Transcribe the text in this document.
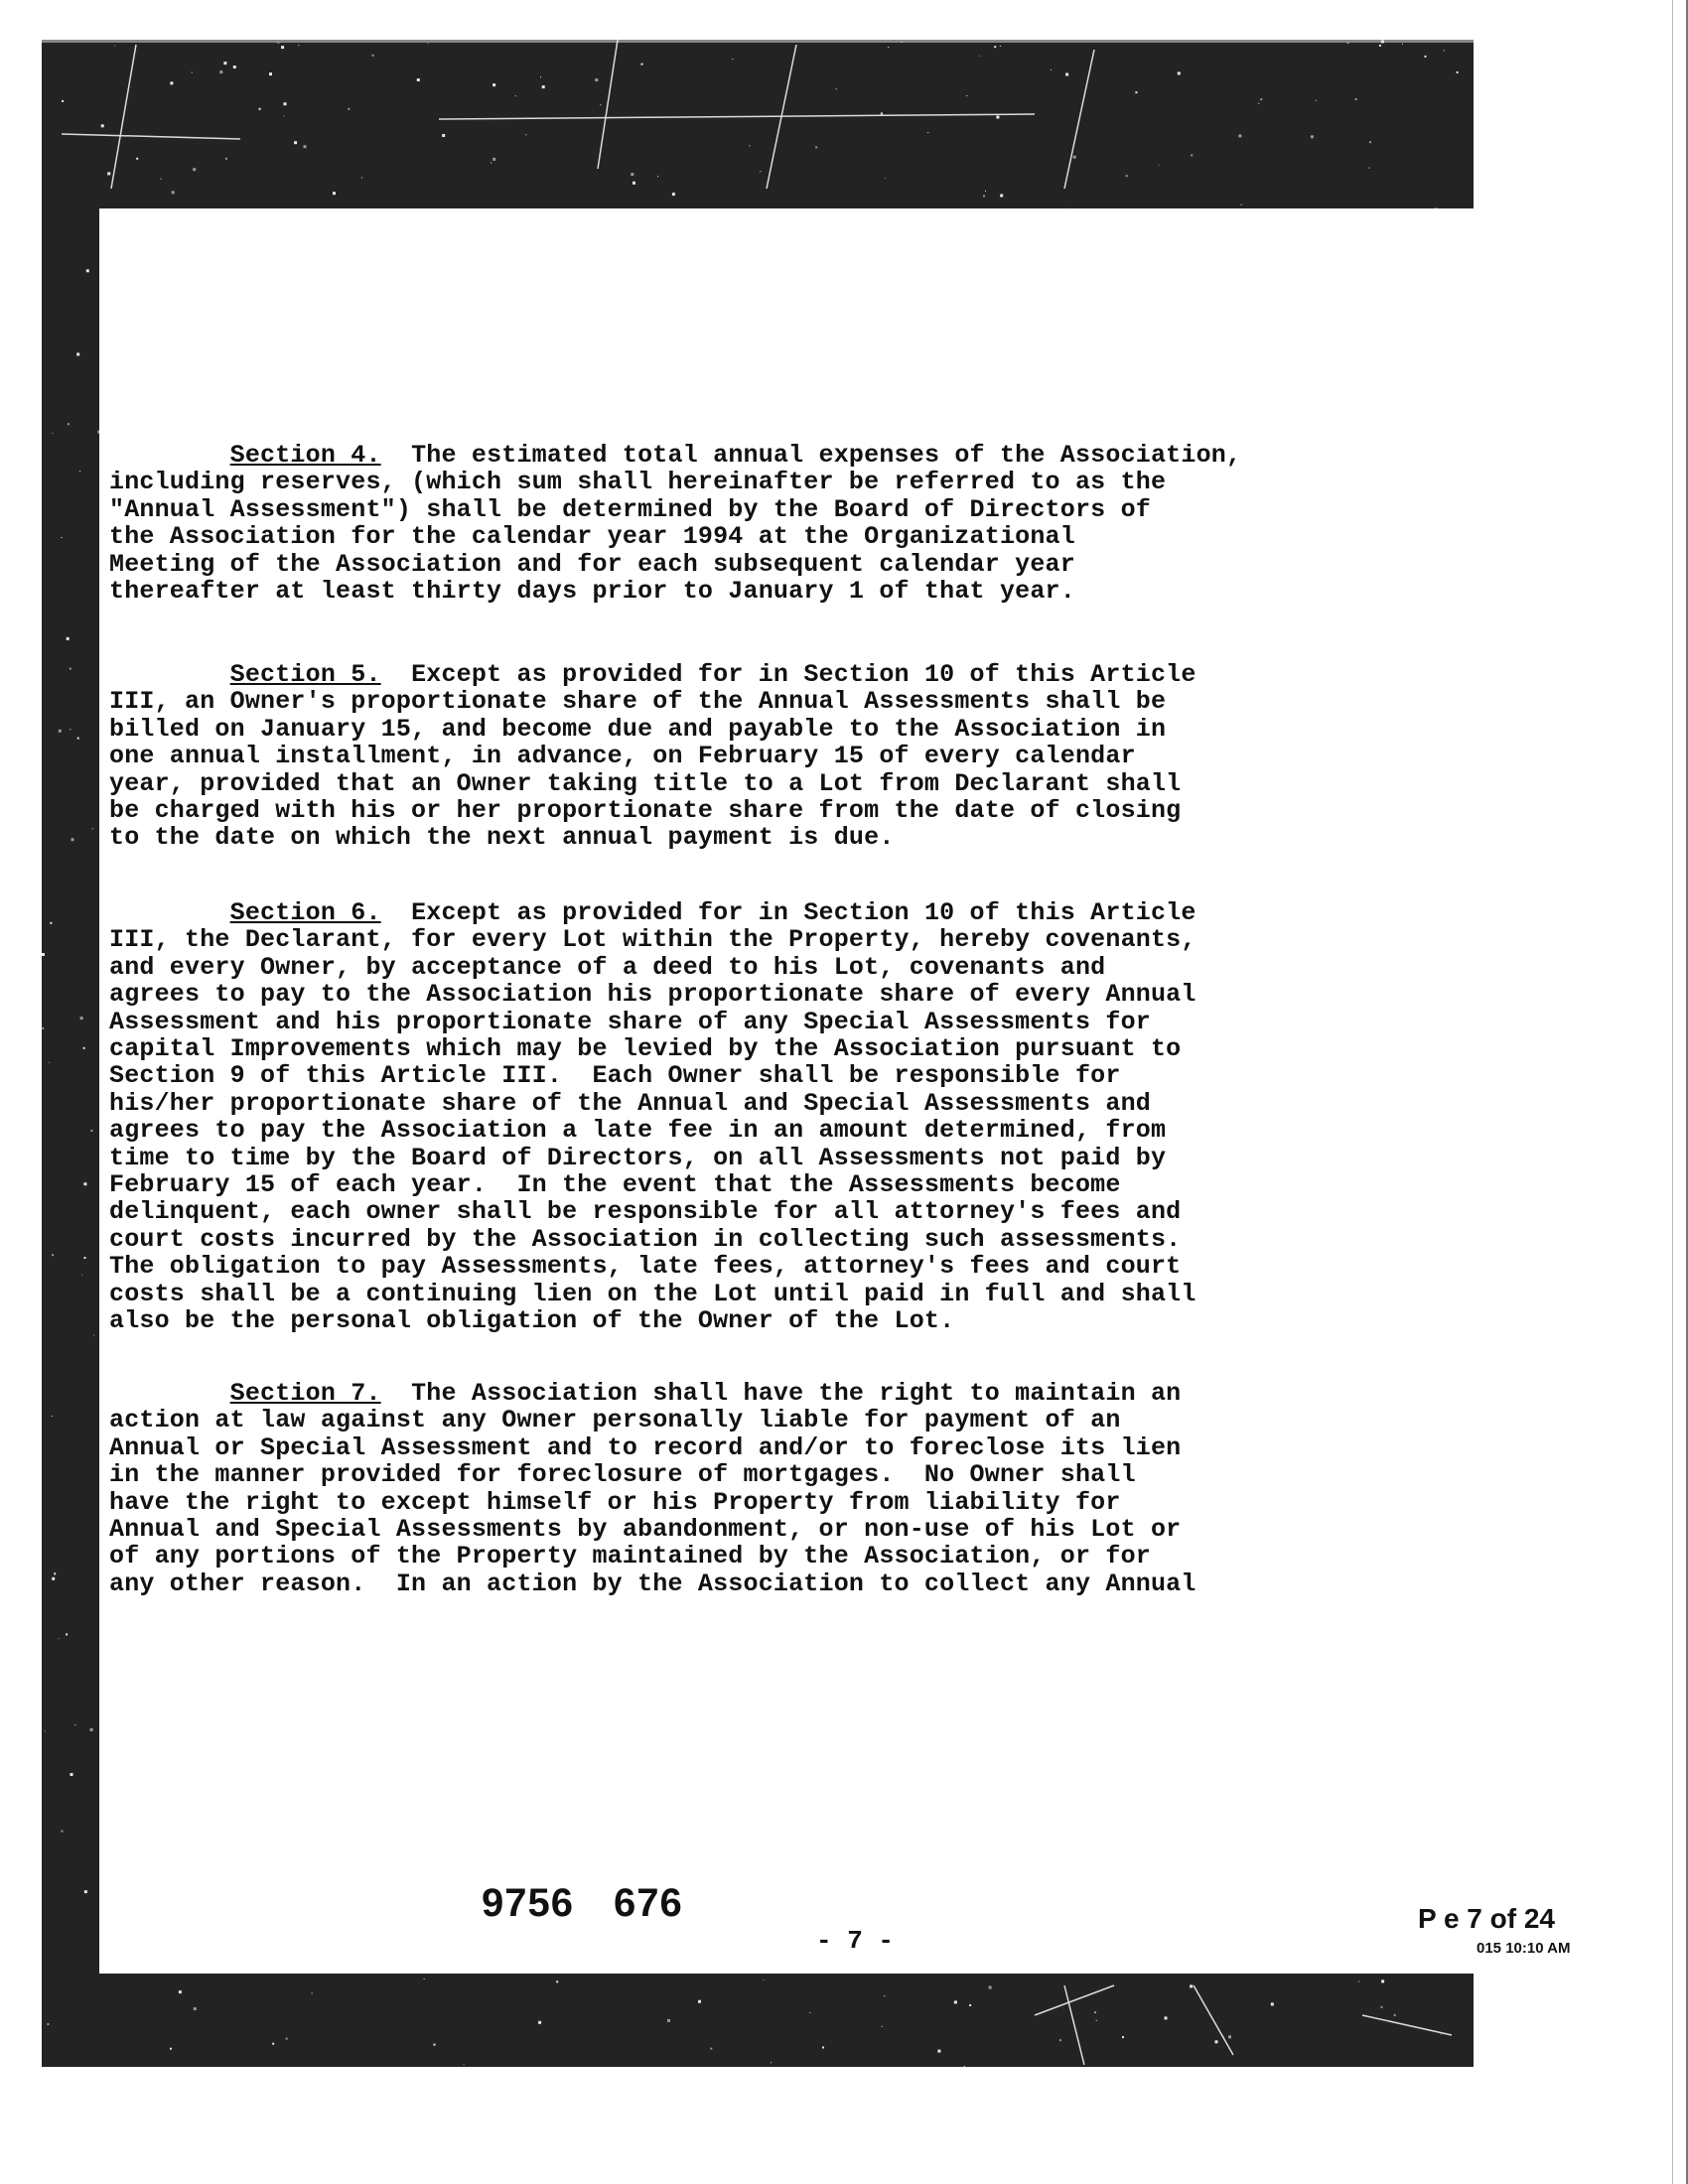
Section 4. The estimated total annual expenses of the Association,
including reserves, (which sum shall hereinafter be referred to as the
"Annual Assessment") shall be determined by the Board of Directors of
the Association for the calendar year 1994 at the Organizational
Meeting of the Association and for each subsequent calendar year
thereafter at least thirty days prior to January 1 of that year.
Section 5. Except as provided for in Section 10 of this Article
III, an Owner's proportionate share of the Annual Assessments shall be
billed on January 15, and become due and payable to the Association in
one annual installment, in advance, on February 15 of every calendar
year, provided that an Owner taking title to a Lot from Declarant shall
be charged with his or her proportionate share from the date of closing
to the date on which the next annual payment is due.
Section 6. Except as provided for in Section 10 of this Article
III, the Declarant, for every Lot within the Property, hereby covenants,
and every Owner, by acceptance of a deed to his Lot, covenants and
agrees to pay to the Association his proportionate share of every Annual
Assessment and his proportionate share of any Special Assessments for
capital Improvements which may be levied by the Association pursuant to
Section 9 of this Article III.  Each Owner shall be responsible for
his/her proportionate share of the Annual and Special Assessments and
agrees to pay the Association a late fee in an amount determined, from
time to time by the Board of Directors, on all Assessments not paid by
February 15 of each year.  In the event that the Assessments become
delinquent, each owner shall be responsible for all attorney's fees and
court costs incurred by the Association in collecting such assessments.
The obligation to pay Assessments, late fees, attorney's fees and court
costs shall be a continuing lien on the Lot until paid in full and shall
also be the personal obligation of the Owner of the Lot.
Section 7. The Association shall have the right to maintain an
action at law against any Owner personally liable for payment of an
Annual or Special Assessment and to record and/or to foreclose its lien
in the manner provided for foreclosure of mortgages.  No Owner shall
have the right to except himself or his Property from liability for
Annual and Special Assessments by abandonment, or non-use of his Lot or
of any portions of the Property maintained by the Association, or for
any other reason.  In an action by the Association to collect any Annual
- 7 -
9756 676	P e 7 of 24
015 10:10 AM
